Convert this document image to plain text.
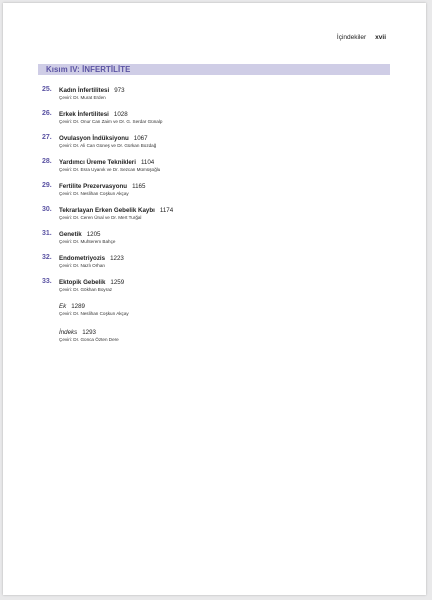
İçindekiler xvii
Kısım IV: İNFERTİLİTE
25.	Kadın İnfertilitesi 973
Çeviri: Dr. Murat Erden
26.	Erkek İnfertilitesi 1028
Çeviri: Dr. Onur Can Zaim ve Dr. G. Serdar Günalp
27.	Ovulasyon İndüksiyonu 1067
Çeviri: Dr. Ali Can Güneş ve Dr. Gürkan Bozdağ
28.	Yardımcı Üreme Teknikleri 1104
Çeviri: Dr. Esra Uyanık ve Dr. Sezcan Mümüşoğlu
29.	Fertilite Prezervasyonu 1165
Çeviri: Dr. Neslihan Coşkun Akçay
30.	Tekrarlayan Erken Gebelik Kaybı 1174
Çeviri: Dr. Ceren Ünal ve Dr. Mert Turğal
31.	Genetik 1205
Çeviri: Dr. Muhterem Bahçe
32.	Endometriyozis 1223
Çeviri: Dr. Nazlı Orhan
33.	Ektopik Gebelik 1259
Çeviri: Dr. Gökhan Boyraz
Ek 1289
Çeviri: Dr. Neslihan Coşkun Akçay
İndeks 1293
Çeviri: Dr. Gonca Özten Dere
